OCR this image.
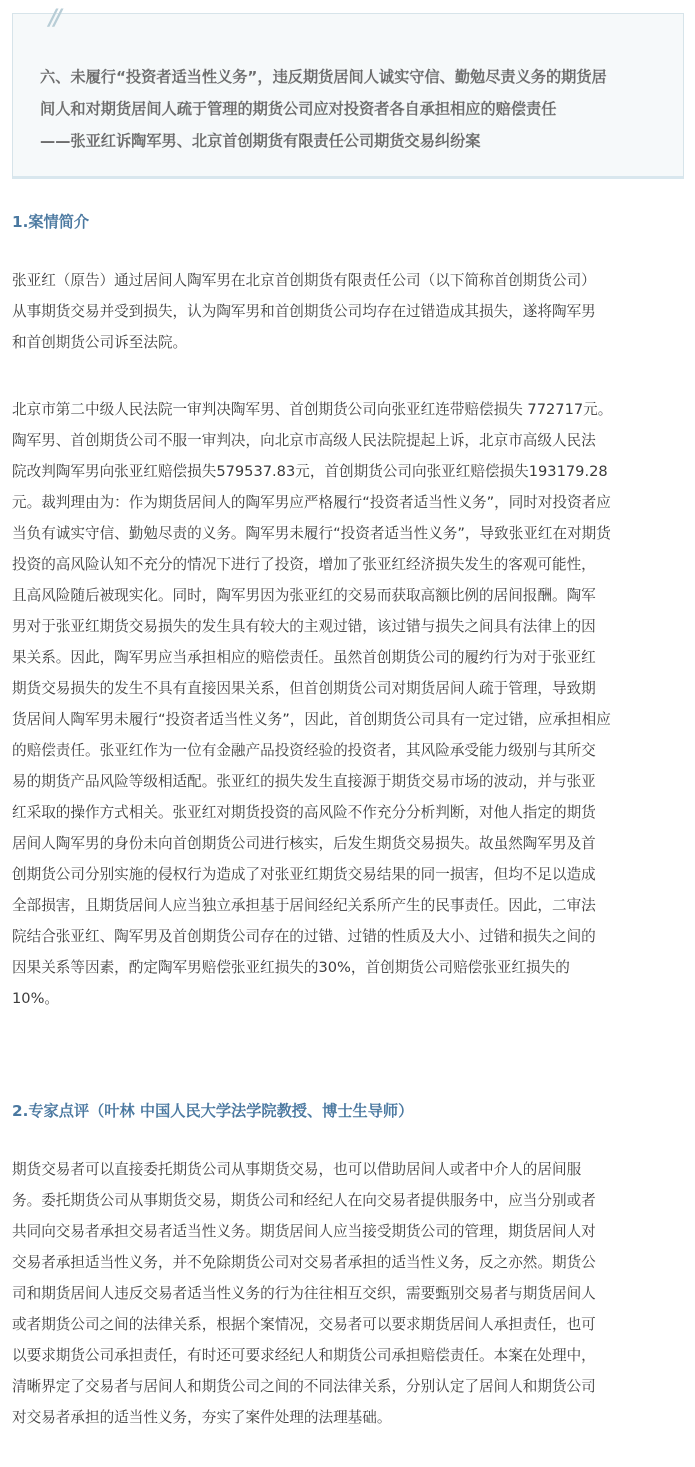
//
六、未履行“投资者适当性义务”，违反期货居间人诚实守信、勤勉尽责义务的期货居
间人和对期货居间人疏于管理的期货公司应对投资者各自承担相应的赔偿责任
——张亚红诉陶军男、北京首创期货有限责任公司期货交易纠纷案
1.案情简介

张亚红（原告）通过居间人陶军男在北京首创期货有限责任公司（以下简称首创期货公司）
从事期货交易并受到损失，认为陶军男和首创期货公司均存在过错造成其损失，遂将陶军男
和首创期货公司诉至法院。

北京市第二中级人民法院一审判决陶军男、首创期货公司向张亚红连带赔偿损失 772717元。
陶军男、首创期货公司不服一审判决，向北京市高级人民法院提起上诉，北京市高级人民法
院改判陶军男向张亚红赔偿损失579537.83元，首创期货公司向张亚红赔偿损失193179.28
元。裁判理由为：作为期货居间人的陶军男应严格履行“投资者适当性义务”，同时对投资者应
当负有诚实守信、勤勉尽责的义务。陶军男未履行“投资者适当性义务”，导致张亚红在对期货
投资的高风险认知不充分的情况下进行了投资，增加了张亚红经济损失发生的客观可能性，
且高风险随后被现实化。同时，陶军男因为张亚红的交易而获取高额比例的居间报酬。陶军
男对于张亚红期货交易损失的发生具有较大的主观过错，该过错与损失之间具有法律上的因
果关系。因此，陶军男应当承担相应的赔偿责任。虽然首创期货公司的履约行为对于张亚红
期货交易损失的发生不具有直接因果关系，但首创期货公司对期货居间人疏于管理，导致期
货居间人陶军男未履行“投资者适当性义务”，因此，首创期货公司具有一定过错，应承担相应
的赔偿责任。张亚红作为一位有金融产品投资经验的投资者，其风险承受能力级别与其所交
易的期货产品风险等级相适配。张亚红的损失发生直接源于期货交易市场的波动，并与张亚
红采取的操作方式相关。张亚红对期货投资的高风险不作充分分析判断，对他人指定的期货
居间人陶军男的身份未向首创期货公司进行核实，后发生期货交易损失。故虽然陶军男及首
创期货公司分别实施的侵权行为造成了对张亚红期货交易结果的同一损害，但均不足以造成
全部损害，且期货居间人应当独立承担基于居间经纪关系所产生的民事责任。因此，二审法
院结合张亚红、陶军男及首创期货公司存在的过错、过错的性质及大小、过错和损失之间的
因果关系等因素，酌定陶军男赔偿张亚红损失的30%，首创期货公司赔偿张亚红损失的
10%。

2.专家点评（叶林 中国人民大学法学院教授、博士生导师）

期货交易者可以直接委托期货公司从事期货交易，也可以借助居间人或者中介人的居间服
务。委托期货公司从事期货交易，期货公司和经纪人在向交易者提供服务中，应当分别或者
共同向交易者承担交易者适当性义务。期货居间人应当接受期货公司的管理，期货居间人对
交易者承担适当性义务，并不免除期货公司对交易者承担的适当性义务，反之亦然。期货公
司和期货居间人违反交易者适当性义务的行为往往相互交织，需要甄别交易者与期货居间人
或者期货公司之间的法律关系，根据个案情况，交易者可以要求期货居间人承担责任，也可
以要求期货公司承担责任，有时还可要求经纪人和期货公司承担赔偿责任。本案在处理中，
清晰界定了交易者与居间人和期货公司之间的不同法律关系，分别认定了居间人和期货公司
对交易者承担的适当性义务，夯实了案件处理的法理基础。
